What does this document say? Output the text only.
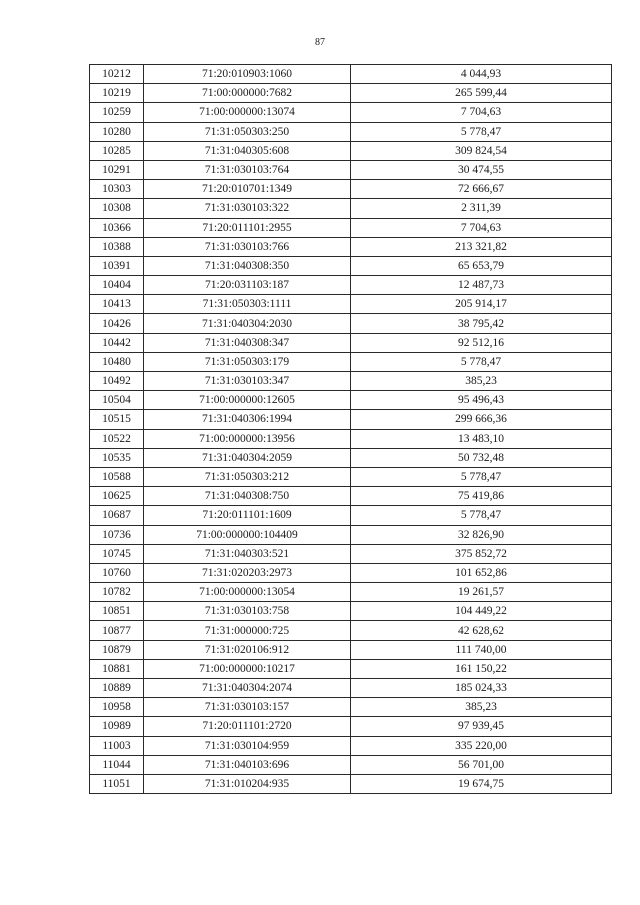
87
10212	71:20:010903:1060	4 044,93
10219	71:00:000000:7682	265 599,44
10259	71:00:000000:13074	7 704,63
10280	71:31:050303:250	5 778,47
10285	71:31:040305:608	309 824,54
10291	71:31:030103:764	30 474,55
10303	71:20:010701:1349	72 666,67
10308	71:31:030103:322	2 311,39
10366	71:20:011101:2955	7 704,63
10388	71:31:030103:766	213 321,82
10391	71:31:040308:350	65 653,79
10404	71:20:031103:187	12 487,73
10413	71:31:050303:1111	205 914,17
10426	71:31:040304:2030	38 795,42
10442	71:31:040308:347	92 512,16
10480	71:31:050303:179	5 778,47
10492	71:31:030103:347	385,23
10504	71:00:000000:12605	95 496,43
10515	71:31:040306:1994	299 666,36
10522	71:00:000000:13956	13 483,10
10535	71:31:040304:2059	50 732,48
10588	71:31:050303:212	5 778,47
10625	71:31:040308:750	75 419,86
10687	71:20:011101:1609	5 778,47
10736	71:00:000000:104409	32 826,90
10745	71:31:040303:521	375 852,72
10760	71:31:020203:2973	101 652,86
10782	71:00:000000:13054	19 261,57
10851	71:31:030103:758	104 449,22
10877	71:31:000000:725	42 628,62
10879	71:31:020106:912	111 740,00
10881	71:00:000000:10217	161 150,22
10889	71:31:040304:2074	185 024,33
10958	71:31:030103:157	385,23
10989	71:20:011101:2720	97 939,45
11003	71:31:030104:959	335 220,00
11044	71:31:040103:696	56 701,00
11051	71:31:010204:935	19 674,75
